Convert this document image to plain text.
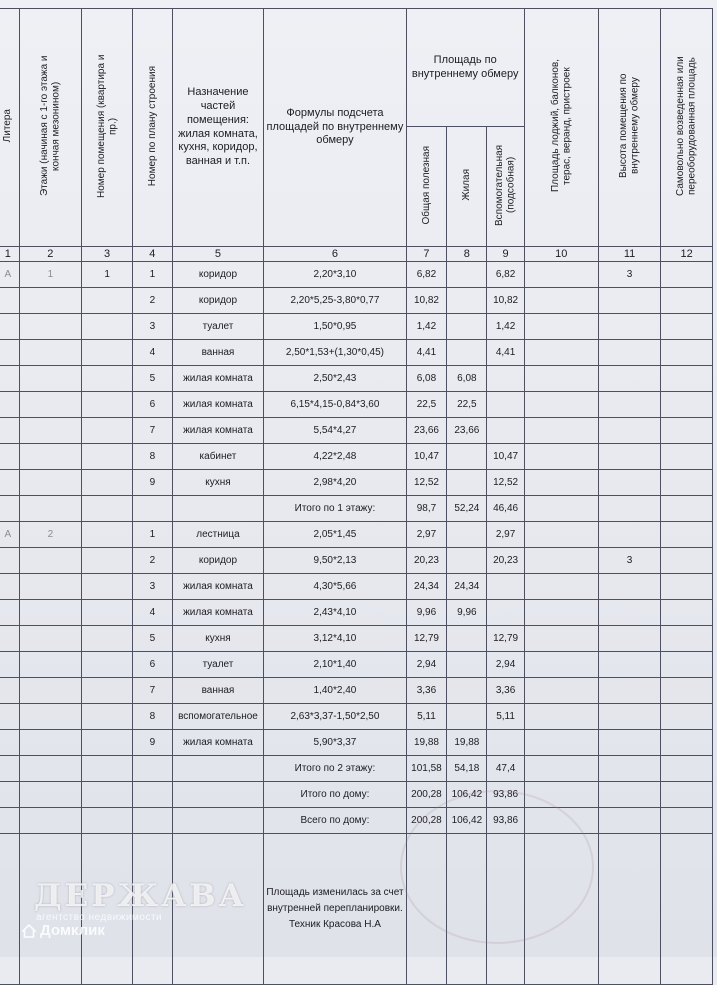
Литера	Этажи (начиная с 1-го этажа и кончая мезонином)	Номер помещения (квартира и пр.)	Номер по плану строения	Назначение частей помещения: жилая комната, кухня, коридор, ванная и т.п.	Формулы подсчета площадей по внутреннему обмеру	Площадь по внутреннему обмеру			Площадь лоджий, балконов, терас, веранд, пристроек	Высота помещения по внутреннему обмеру	Самовольно возведенная или переоборудованная площадь
						Общая полезная	Жилая	Вспомогательная (подсобная)			
1	2	3	4	5	6	7	8	9	10	11	12
А	1	1	1	коридор	2,20*3,10	6,82		6,82		3	
			2	коридор	2,20*5,25-3,80*0,77	10,82		10,82			
			3	туалет	1,50*0,95	1,42		1,42			
			4	ванная	2,50*1,53+(1,30*0,45)	4,41		4,41			
			5	жилая комната	2,50*2,43	6,08	6,08				
			6	жилая комната	6,15*4,15-0,84*3,60	22,5	22,5				
			7	жилая комната	5,54*4,27	23,66	23,66				
			8	кабинет	4,22*2,48	10,47		10,47			
			9	кухня	2,98*4,20	12,52		12,52			
					Итого по 1 этажу:	98,7	52,24	46,46			
А	2		1	лестница	2,05*1,45	2,97		2,97			
			2	коридор	9,50*2,13	20,23		20,23		3	
			3	жилая комната	4,30*5,66	24,34	24,34				
			4	жилая комната	2,43*4,10	9,96	9,96				
			5	кухня	3,12*4,10	12,79		12,79			
			6	туалет	2,10*1,40	2,94		2,94			
			7	ванная	1,40*2,40	3,36		3,36			
			8	вспомогательное	2,63*3,37-1,50*2,50	5,11		5,11			
			9	жилая комната	5,90*3,37	19,88	19,88				
					Итого по 2 этажу:	101,58	54,18	47,4			
					Итого по дому:	200,28	106,42	93,86			
					Всего по дому:	200,28	106,42	93,86			

					Площадь изменилась за счет
внутренней перепланировки.
Техник Красова Н.А						

ДЕРЖАВА
агентство недвижимости
Домклик
